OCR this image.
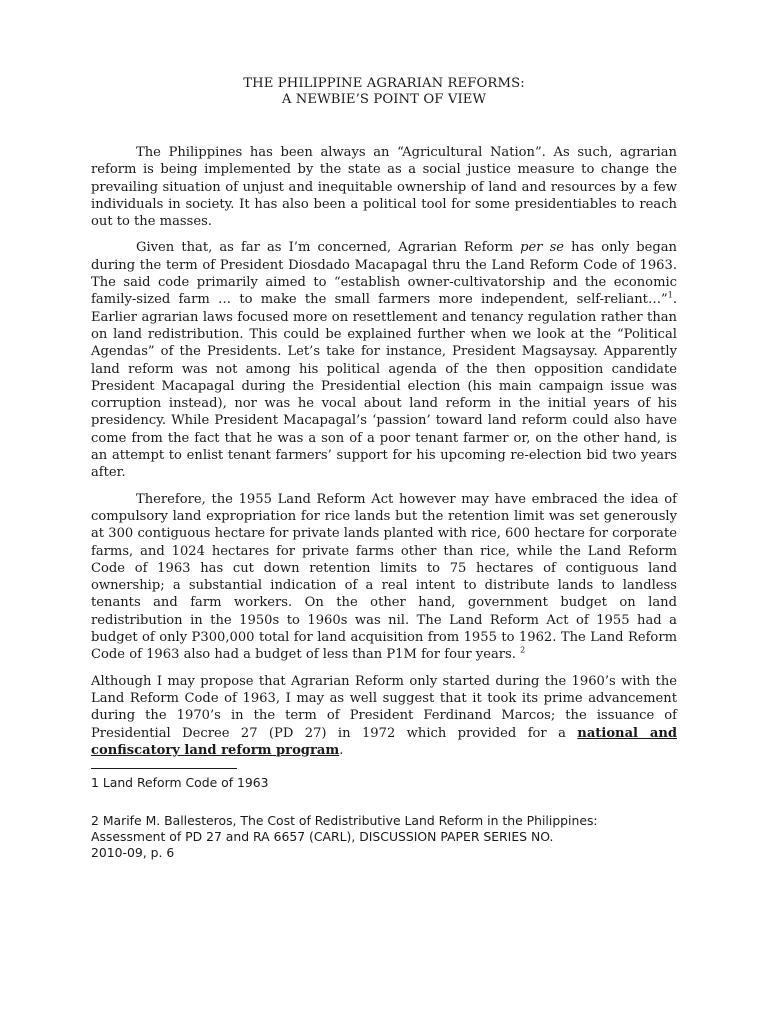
THE PHILIPPINE AGRARIAN REFORMS:
A NEWBIE’S POINT OF VIEW

The Philippines has been always an “Agricultural Nation”. As such, agrarian reform is being implemented by the state as a social justice measure to change the prevailing situation of unjust and inequitable ownership of land and resources by a few individuals in society. It has also been a political tool for some presidentiables to reach out to the masses.

Given that, as far as I’m concerned, Agrarian Reform per se has only began during the term of President Diosdado Macapagal thru the Land Reform Code of 1963. The said code primarily aimed to “establish owner-cultivatorship and the economic family-sized farm … to make the small farmers more independent, self-reliant…”$^1$. Earlier agrarian laws focused more on resettlement and tenancy regulation rather than on land redistribution. This could be explained further when we look at the “Political Agendas” of the Presidents. Let’s take for instance, President Magsaysay. Apparently land reform was not among his political agenda of the then opposition candidate President Macapagal during the Presidential election (his main campaign issue was corruption instead), nor was he vocal about land reform in the initial years of his presidency. While President Macapagal’s ‘passion’ toward land reform could also have come from the fact that he was a son of a poor tenant farmer or, on the other hand, is an attempt to enlist tenant farmers’ support for his upcoming re-election bid two years after.

Therefore, the 1955 Land Reform Act however may have embraced the idea of compulsory land expropriation for rice lands but the retention limit was set generously at 300 contiguous hectare for private lands planted with rice, 600 hectare for corporate farms, and 1024 hectares for private farms other than rice, while the Land Reform Code of 1963 has cut down retention limits to 75 hectares of contiguous land ownership; a substantial indication of a real intent to distribute lands to landless tenants and farm workers. On the other hand, government budget on land redistribution in the 1950s to 1960s was nil. The Land Reform Act of 1955 had a budget of only P300,000 total for land acquisition from 1955 to 1962. The Land Reform Code of 1963 also had a budget of less than P1M for four years. $^2$

Although I may propose that Agrarian Reform only started during the 1960’s with the Land Reform Code of 1963, I may as well suggest that it took its prime advancement during the 1970’s in the term of President Ferdinand Marcos; the issuance of Presidential Decree 27 (PD 27) in 1972 which provided for a national and confiscatory land reform program.

1 Land Reform Code of 1963

2 Marife M. Ballesteros, The Cost of Redistributive Land Reform in the Philippines:
Assessment of PD 27 and RA 6657 (CARL), DISCUSSION PAPER SERIES NO.
2010-09, p. 6
